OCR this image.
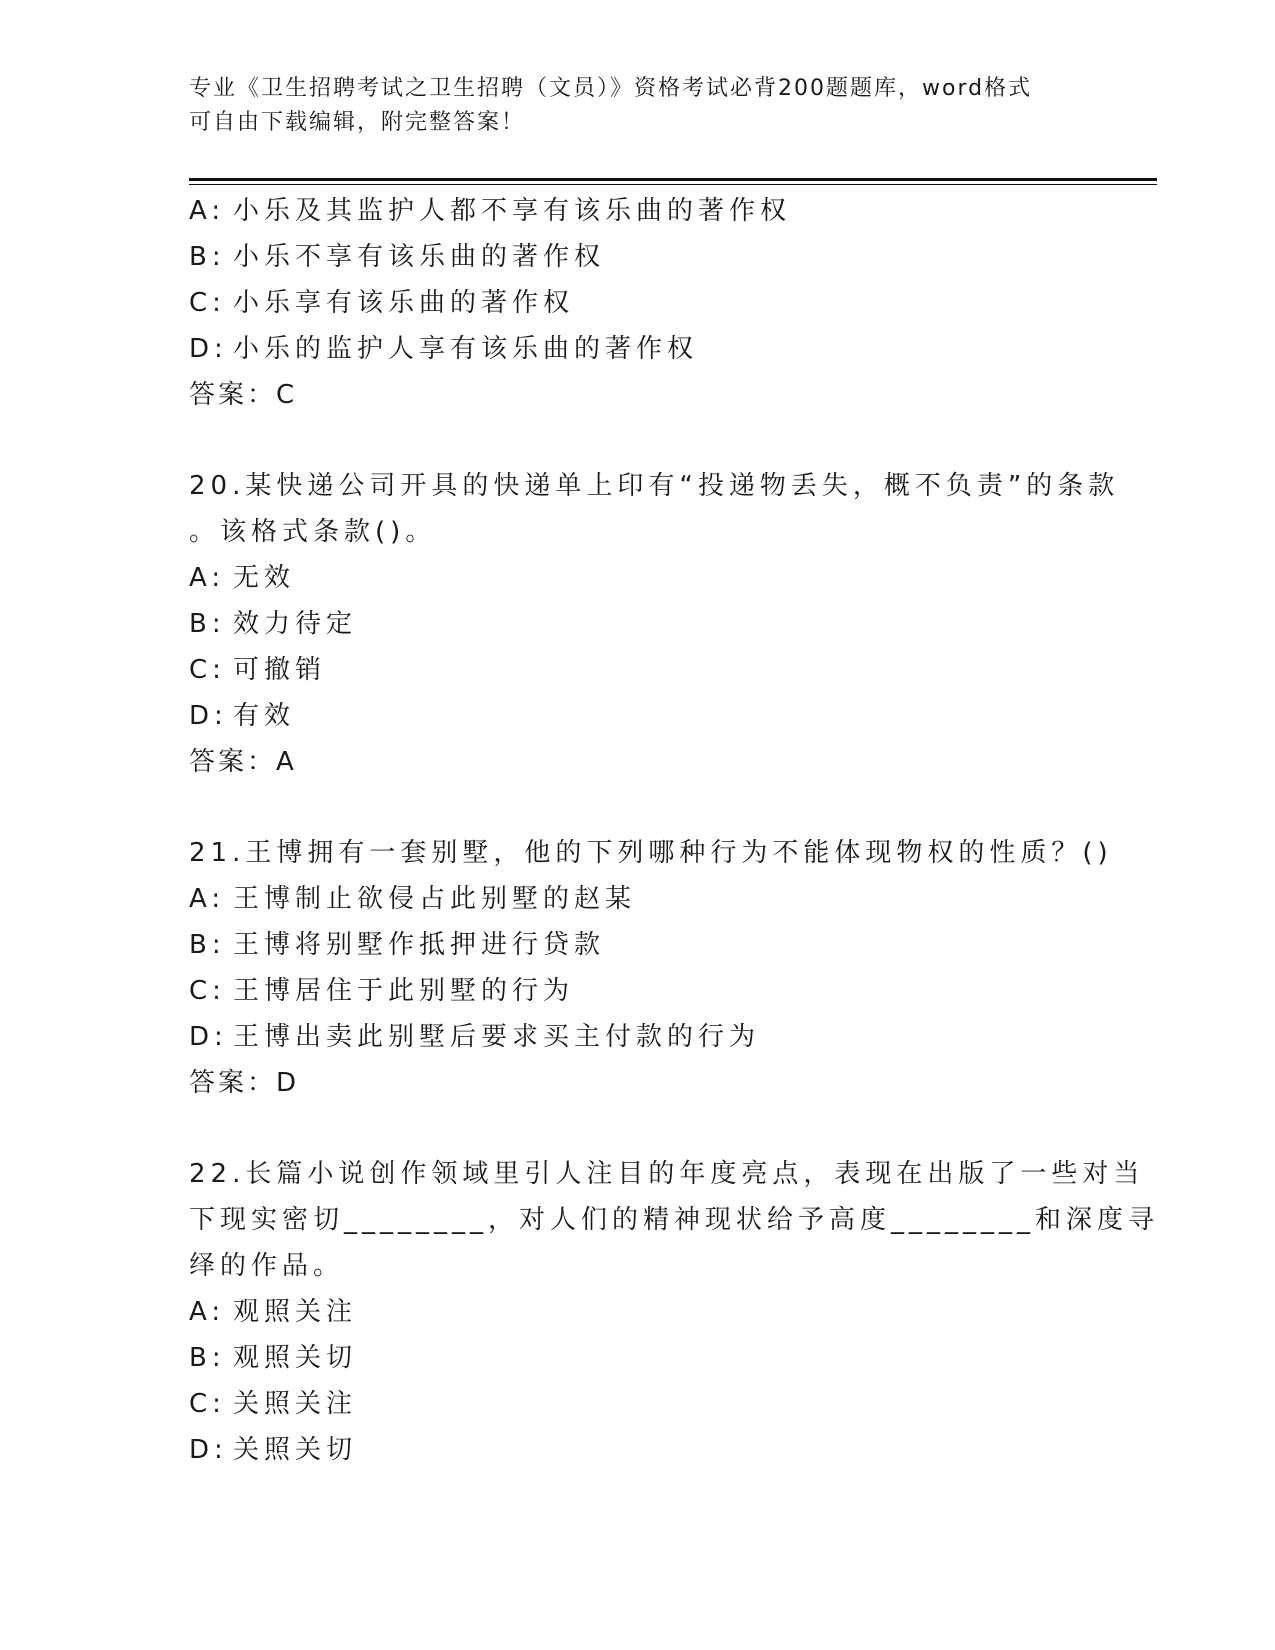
专业《卫生招聘考试之卫生招聘（文员）》资格考试必背200题题库，word格式
可自由下载编辑，附完整答案！
A: 小乐及其监护人都不享有该乐曲的著作权
B: 小乐不享有该乐曲的著作权
C: 小乐享有该乐曲的著作权
D: 小乐的监护人享有该乐曲的著作权
答案：C
20.某快递公司开具的快递单上印有“投递物丢失，概不负责”的条款
。该格式条款()。
A: 无效
B: 效力待定
C: 可撤销
D: 有效
答案：A
21.王博拥有一套别墅，他的下列哪种行为不能体现物权的性质？()
A: 王博制止欲侵占此别墅的赵某
B: 王博将别墅作抵押进行贷款
C: 王博居住于此别墅的行为
D: 王博出卖此别墅后要求买主付款的行为
答案：D
22.长篇小说创作领域里引人注目的年度亮点，表现在出版了一些对当
下现实密切________，对人们的精神现状给予高度________和深度寻
绎的作品。
A: 观照关注
B: 观照关切
C: 关照关注
D: 关照关切
